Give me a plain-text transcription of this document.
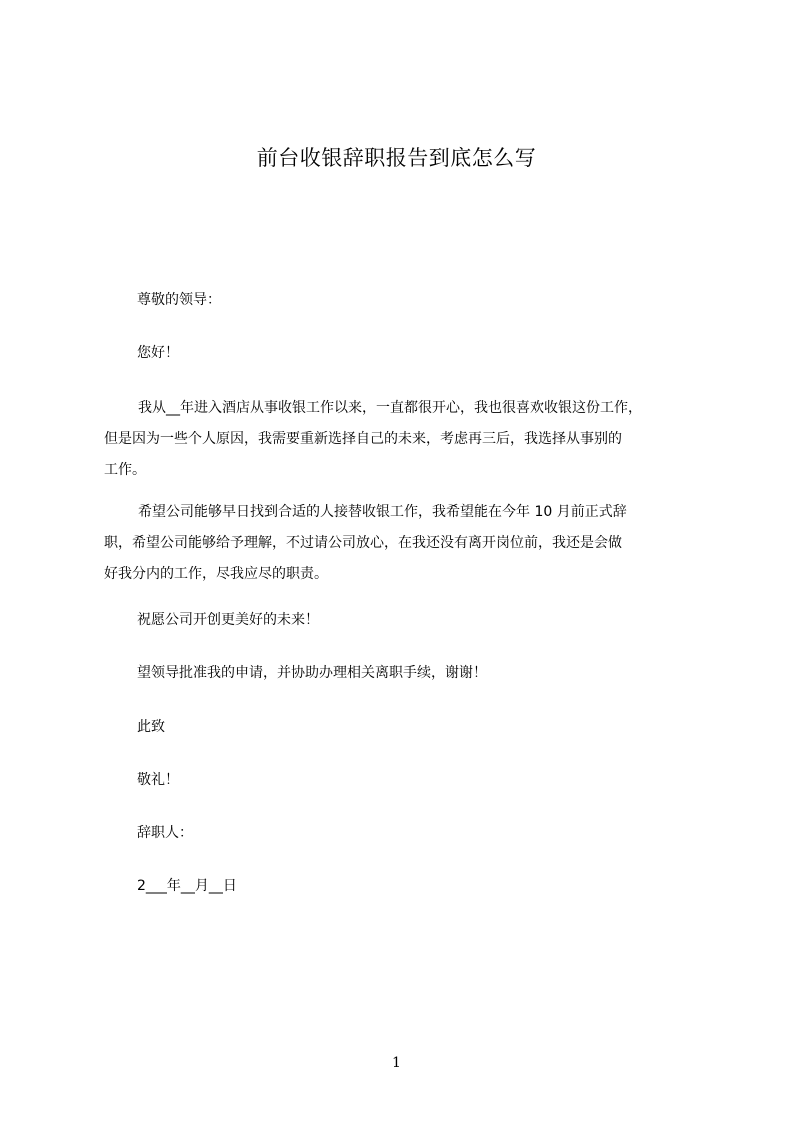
前台收银辞职报告到底怎么写
尊敬的领导：
您好！
我从__年进入酒店从事收银工作以来，一直都很开心，我也很喜欢收银这份工作，
但是因为一些个人原因，我需要重新选择自己的未来，考虑再三后，我选择从事别的
工作。
希望公司能够早日找到合适的人接替收银工作，我希望能在今年 10 月前正式辞
职，希望公司能够给予理解，不过请公司放心，在我还没有离开岗位前，我还是会做
好我分内的工作，尽我应尽的职责。
祝愿公司开创更美好的未来！
望领导批准我的申请，并协助办理相关离职手续，谢谢！
此致
敬礼！
辞职人：
2___年__月__日
1
